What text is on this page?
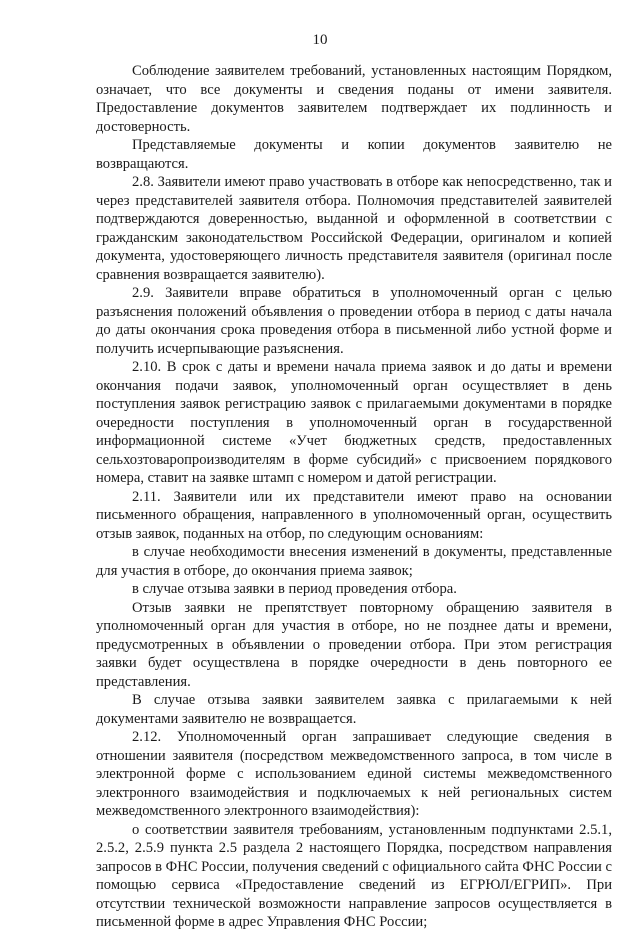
10

Соблюдение заявителем требований, установленных настоящим Порядком, означает, что все документы и сведения поданы от имени заявителя. Предоставление документов заявителем подтверждает их подлинность и достоверность.

Представляемые документы и копии документов заявителю не возвращаются.

2.8. Заявители имеют право участвовать в отборе как непосредственно, так и через представителей заявителя отбора. Полномочия представителей заявителей подтверждаются доверенностью, выданной и оформленной в соответствии с гражданским законодательством Российской Федерации, оригиналом и копией документа, удостоверяющего личность представителя заявителя (оригинал после сравнения возвращается заявителю).

2.9. Заявители вправе обратиться в уполномоченный орган с целью разъяснения положений объявления о проведении отбора в период с даты начала до даты окончания срока проведения отбора в письменной либо устной форме и получить исчерпывающие разъяснения.

2.10. В срок с даты и времени начала приема заявок и до даты и времени окончания подачи заявок, уполномоченный орган осуществляет в день поступления заявок регистрацию заявок с прилагаемыми документами в порядке очередности поступления в уполномоченный орган в государственной информационной системе «Учет бюджетных средств, предоставленных сельхозтоваропроизводителям в форме субсидий» с присвоением порядкового номера, ставит на заявке штамп с номером и датой регистрации.

2.11. Заявители или их представители имеют право на основании письменного обращения, направленного в уполномоченный орган, осуществить отзыв заявок, поданных на отбор, по следующим основаниям:

в случае необходимости внесения изменений в документы, представленные для участия в отборе, до окончания приема заявок;

в случае отзыва заявки в период проведения отбора.

Отзыв заявки не препятствует повторному обращению заявителя в уполномоченный орган для участия в отборе, но не позднее даты и времени, предусмотренных в объявлении о проведении отбора. При этом регистрация заявки будет осуществлена в порядке очередности в день повторного ее представления.

В случае отзыва заявки заявителем заявка с прилагаемыми к ней документами заявителю не возвращается.

2.12. Уполномоченный орган запрашивает следующие сведения в отношении заявителя (посредством межведомственного запроса, в том числе в электронной форме с использованием единой системы межведомственного электронного взаимодействия и подключаемых к ней региональных систем межведомственного электронного взаимодействия):

о соответствии заявителя требованиям, установленным подпунктами 2.5.1, 2.5.2, 2.5.9 пункта 2.5 раздела 2 настоящего Порядка, посредством направления запросов в ФНС России, получения сведений с официального сайта ФНС России с помощью сервиса «Предоставление сведений из ЕГРЮЛ/ЕГРИП». При отсутствии технической возможности направление запросов осуществляется в письменной форме в адрес Управления ФНС России;
